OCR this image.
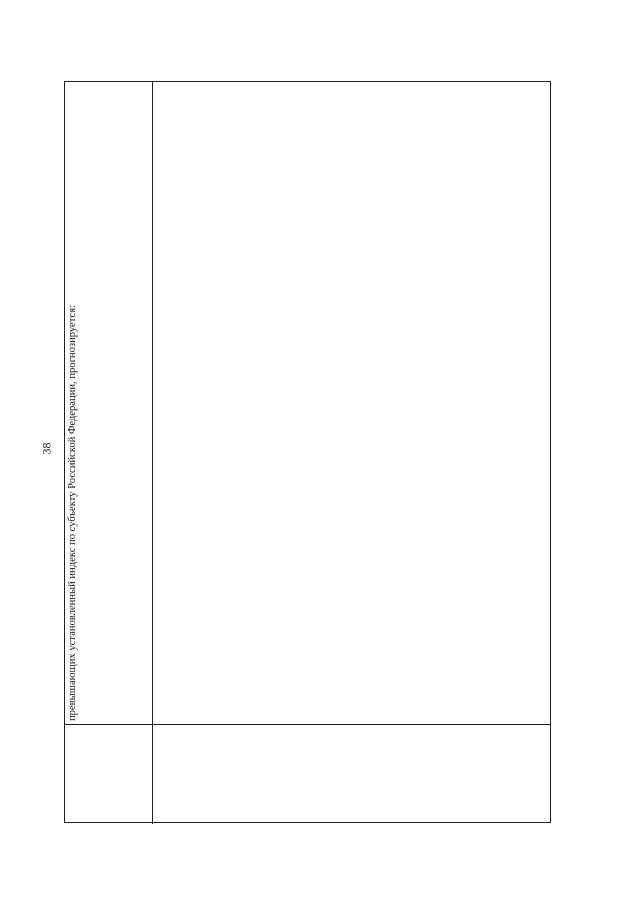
38 превышающих установленный индекс по субъекту Российской Федерации, прогнозируется:
